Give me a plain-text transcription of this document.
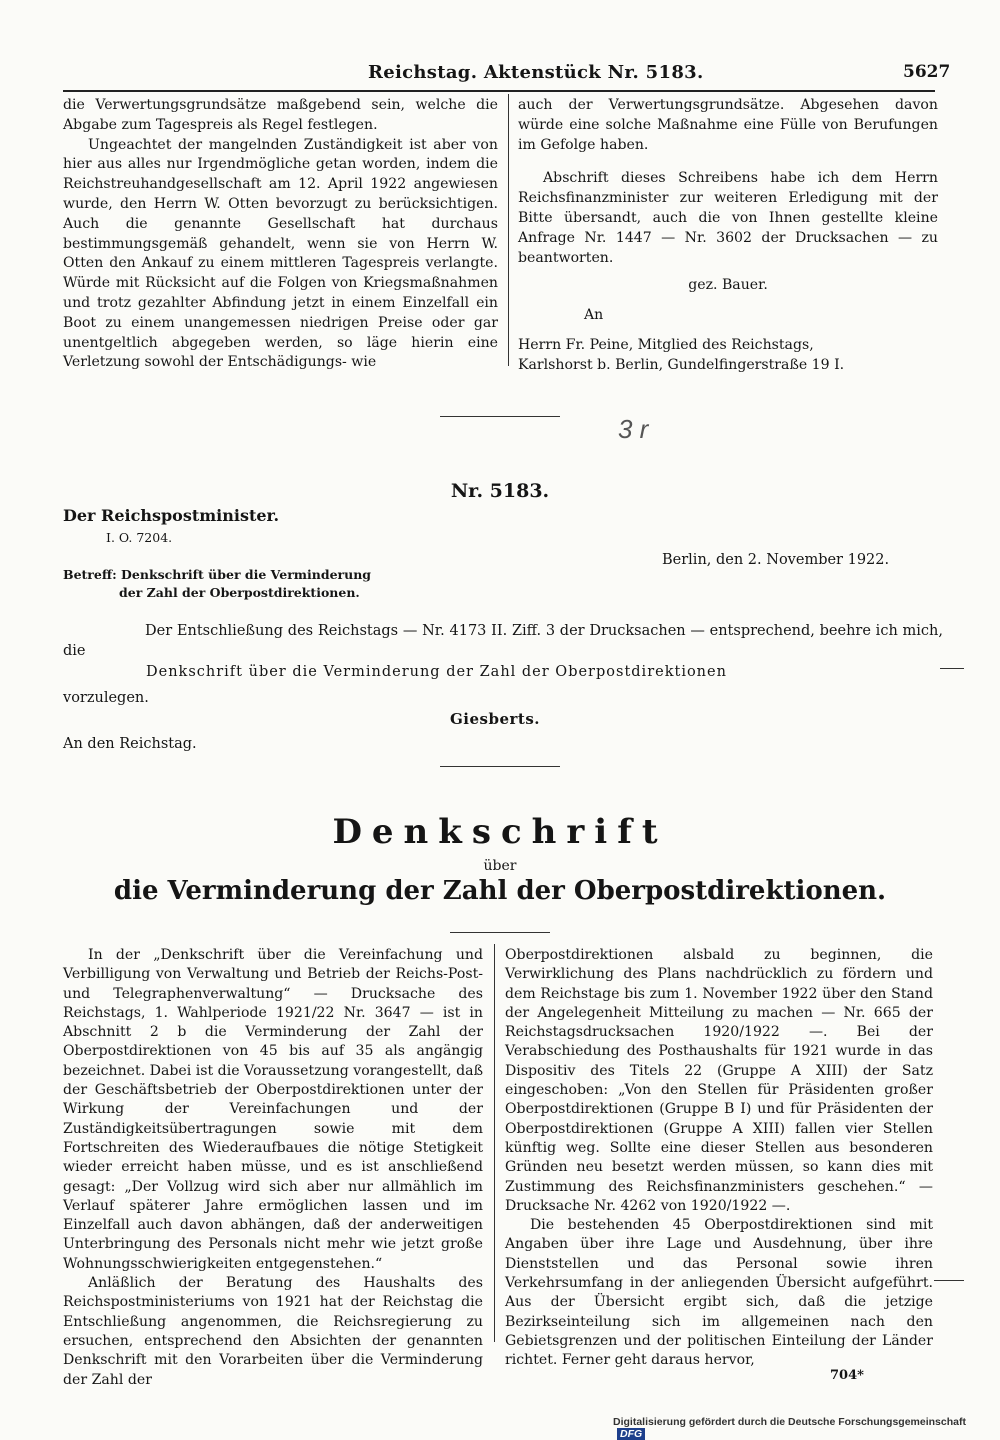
Reichstag. Aktenstück Nr. 5183.	5627

die Verwertungsgrundsätze maßgebend sein, welche die Abgabe zum Tagespreis als Regel festlegen.

Ungeachtet der mangelnden Zuständigkeit ist aber von hier aus alles nur Irgendmögliche getan worden, indem die Reichstreuhandgesellschaft am 12. April 1922 angewiesen wurde, den Herrn W. Otten bevorzugt zu berücksichtigen. Auch die genannte Gesellschaft hat durchaus bestimmungsgemäß gehandelt, wenn sie von Herrn W. Otten den Ankauf zu einem mittleren Tagespreis verlangte. Würde mit Rücksicht auf die Folgen von Kriegsmaßnahmen und trotz gezahlter Abfindung jetzt in einem Einzelfall ein Boot zu einem unangemessen niedrigen Preise oder gar unentgeltlich abgegeben werden, so läge hierin eine Verletzung sowohl der Entschädigungs- wie

auch der Verwertungsgrundsätze. Abgesehen davon würde eine solche Maßnahme eine Fülle von Berufungen im Gefolge haben.

Abschrift dieses Schreibens habe ich dem Herrn Reichsfinanzminister zur weiteren Erledigung mit der Bitte übersandt, auch die von Ihnen gestellte kleine Anfrage Nr. 1447 — Nr. 3602 der Drucksachen — zu beantworten.

gez. Bauer.

An

Herrn Fr. Peine, Mitglied des Reichstags,

Karlshorst b. Berlin, Gundelfingerstraße 19 I.

3 r
Nr. 5183.
Der Reichspostminister.
I. O. 7204.
Berlin, den 2. November 1922.
Betreff: Denkschrift über die Verminderung
der Zahl der Oberpostdirektionen.
Der Entschließung des Reichstags — Nr. 4173 II. Ziff. 3 der Drucksachen — entsprechend, beehre ich mich, die
Denkschrift über die Verminderung der Zahl der Oberpostdirektionen
vorzulegen.
Giesberts.
An den Reichstag.
Denkschrift
über
die Verminderung der Zahl der Oberpostdirektionen.

In der „Denkschrift über die Vereinfachung und Verbilligung von Verwaltung und Betrieb der Reichs-Post- und Telegraphenverwaltung“ — Drucksache des Reichstags, 1. Wahlperiode 1921/22 Nr. 3647 — ist in Abschnitt 2 b die Verminderung der Zahl der Oberpostdirektionen von 45 bis auf 35 als angängig bezeichnet. Dabei ist die Voraussetzung vorangestellt, daß der Geschäftsbetrieb der Oberpostdirektionen unter der Wirkung der Vereinfachungen und der Zuständigkeitsübertragungen sowie mit dem Fortschreiten des Wiederaufbaues die nötige Stetigkeit wieder erreicht haben müsse, und es ist anschließend gesagt: „Der Vollzug wird sich aber nur allmählich im Verlauf späterer Jahre ermöglichen lassen und im Einzelfall auch davon abhängen, daß der anderweitigen Unterbringung des Personals nicht mehr wie jetzt große Wohnungsschwierigkeiten entgegenstehen.“

Anläßlich der Beratung des Haushalts des Reichspostministeriums von 1921 hat der Reichstag die Entschließung angenommen, die Reichsregierung zu ersuchen, entsprechend den Absichten der genannten Denkschrift mit den Vorarbeiten über die Verminderung der Zahl der

Oberpostdirektionen alsbald zu beginnen, die Verwirklichung des Plans nachdrücklich zu fördern und dem Reichstage bis zum 1. November 1922 über den Stand der Angelegenheit Mitteilung zu machen — Nr. 665 der Reichstagsdrucksachen 1920/1922 —. Bei der Verabschiedung des Posthaushalts für 1921 wurde in das Dispositiv des Titels 22 (Gruppe A XIII) der Satz eingeschoben: „Von den Stellen für Präsidenten großer Oberpostdirektionen (Gruppe B I) und für Präsidenten der Oberpostdirektionen (Gruppe A XIII) fallen vier Stellen künftig weg. Sollte eine dieser Stellen aus besonderen Gründen neu besetzt werden müssen, so kann dies mit Zustimmung des Reichsfinanzministers geschehen.“ — Drucksache Nr. 4262 von 1920/1922 —.

Die bestehenden 45 Oberpostdirektionen sind mit Angaben über ihre Lage und Ausdehnung, über ihre Dienststellen und das Personal sowie ihren Verkehrsumfang in der anliegenden Übersicht aufgeführt. Aus der Übersicht ergibt sich, daß die jetzige Bezirkseinteilung sich im allgemeinen nach den Gebietsgrenzen und der politischen Einteilung der Länder richtet. Ferner geht daraus hervor,

704*
Digitalisierung gefördert durch die Deutsche Forschungsgemeinschaft DFG
